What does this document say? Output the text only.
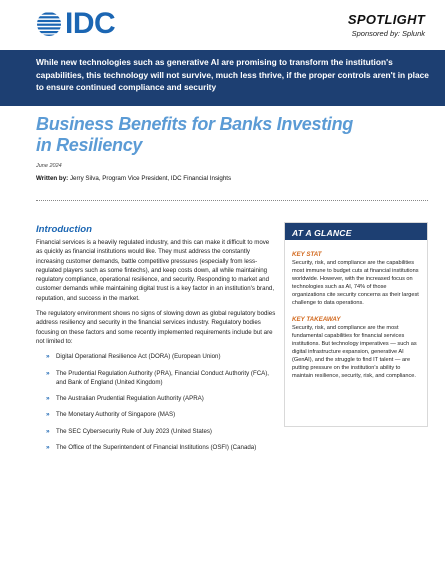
IDC	SPOTLIGHT
Sponsored by: Splunk

While new technologies such as generative AI are promising to transform the institution's capabilities, this technology will not survive, much less thrive, if the proper controls aren't in place to ensure continued compliance and security

Business Benefits for Banks Investing
in Resiliency
June 2024
Written by: Jerry Silva, Program Vice President, IDC Financial Insights
Introduction

Financial services is a heavily regulated industry, and this can make it difficult to move as quickly as financial institutions would like. They must address the constantly increasing customer demands, battle competitive pressures (especially from less-regulated players such as some fintechs), and keep costs down, all while maintaining regulatory compliance, operational resilience, and security. Responding to market and customer demands while maintaining digital trust is a key factor in an institution's brand, reputation, and success in the market.

The regulatory environment shows no signs of slowing down as global regulatory bodies address resiliency and security in the financial services industry. Regulatory bodies focusing on these factors and some recently implemented requirements include but are not limited to:

» Digital Operational Resilience Act (DORA) (European Union)
» The Prudential Regulation Authority (PRA), Financial Conduct Authority (FCA), and Bank of England (United Kingdom)
» The Australian Prudential Regulation Authority (APRA)
» The Monetary Authority of Singapore (MAS)
» The SEC Cybersecurity Rule of July 2023 (United States)
» The Office of the Superintendent of Financial Institutions (OSFI) (Canada)
AT A GLANCE
KEY STAT

Security, risk, and compliance are the capabilities most immune to budget cuts at financial institutions worldwide. However, with the increased focus on technologies such as AI, 74% of those organizations cite security concerns as their largest challenge to data operations.

KEY TAKEAWAY

Security, risk, and compliance are the most fundamental capabilities for financial services institutions. But technology imperatives — such as digital infrastructure expansion, generative AI (GenAI), and the struggle to find IT talent — are putting pressure on the institution's ability to maintain resilience, security, risk, and compliance.
